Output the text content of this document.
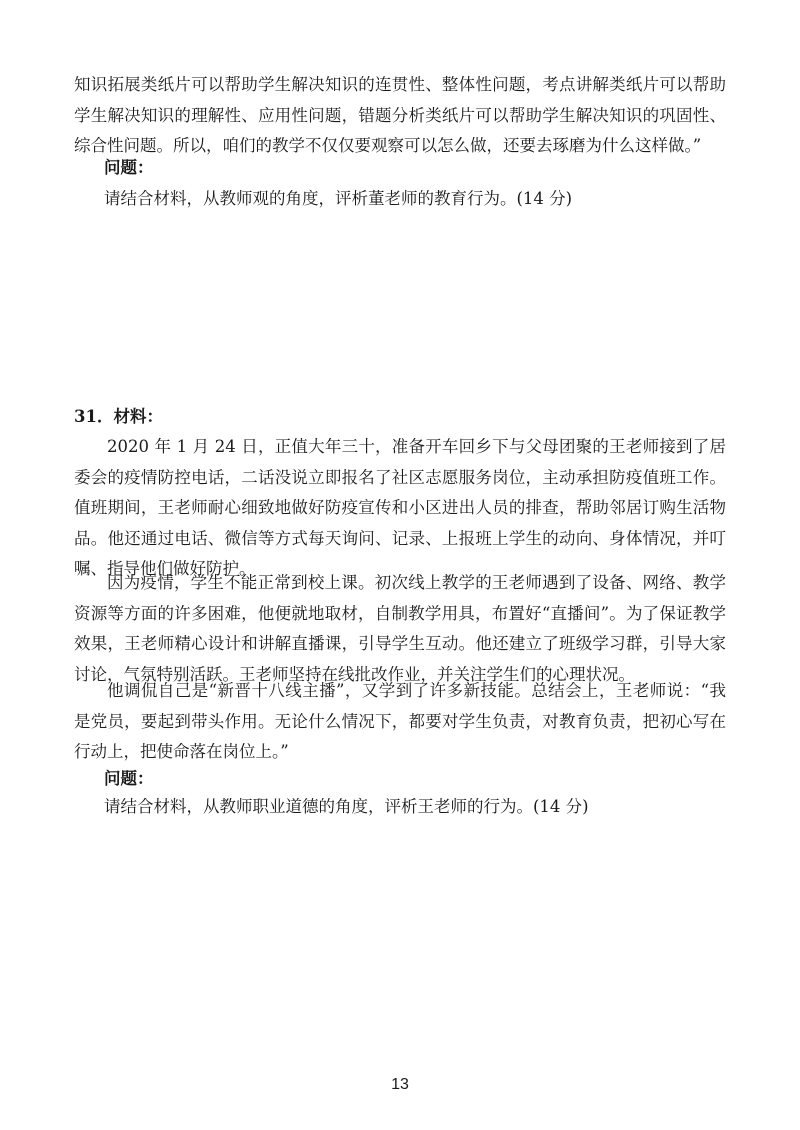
知识拓展类纸片可以帮助学生解决知识的连贯性、整体性问题，考点讲解类纸片可以帮助学生解决知识的理解性、应用性问题，错题分析类纸片可以帮助学生解决知识的巩固性、综合性问题。所以，咱们的教学不仅仅要观察可以怎么做，还要去琢磨为什么这样做。”

问题：

请结合材料，从教师观的角度，评析董老师的教育行为。(14 分)

31．材料：

2020 年 1 月 24 日，正值大年三十，准备开车回乡下与父母团聚的王老师接到了居委会的疫情防控电话，二话没说立即报名了社区志愿服务岗位，主动承担防疫值班工作。值班期间，王老师耐心细致地做好防疫宣传和小区进出人员的排查，帮助邻居订购生活物品。他还通过电话、微信等方式每天询问、记录、上报班上学生的动向、身体情况，并叮嘱、指导他们做好防护。

因为疫情，学生不能正常到校上课。初次线上教学的王老师遇到了设备、网络、教学资源等方面的许多困难，他便就地取材，自制教学用具，布置好“直播间”。为了保证教学效果，王老师精心设计和讲解直播课，引导学生互动。他还建立了班级学习群，引导大家讨论，气氛特别活跃。王老师坚持在线批改作业，并关注学生们的心理状况。

他调侃自己是“新晋十八线主播”，又学到了许多新技能。总结会上，王老师说：“我是党员，要起到带头作用。无论什么情况下，都要对学生负责，对教育负责，把初心写在行动上，把使命落在岗位上。”

问题：

请结合材料，从教师职业道德的角度，评析王老师的行为。(14 分)

13
